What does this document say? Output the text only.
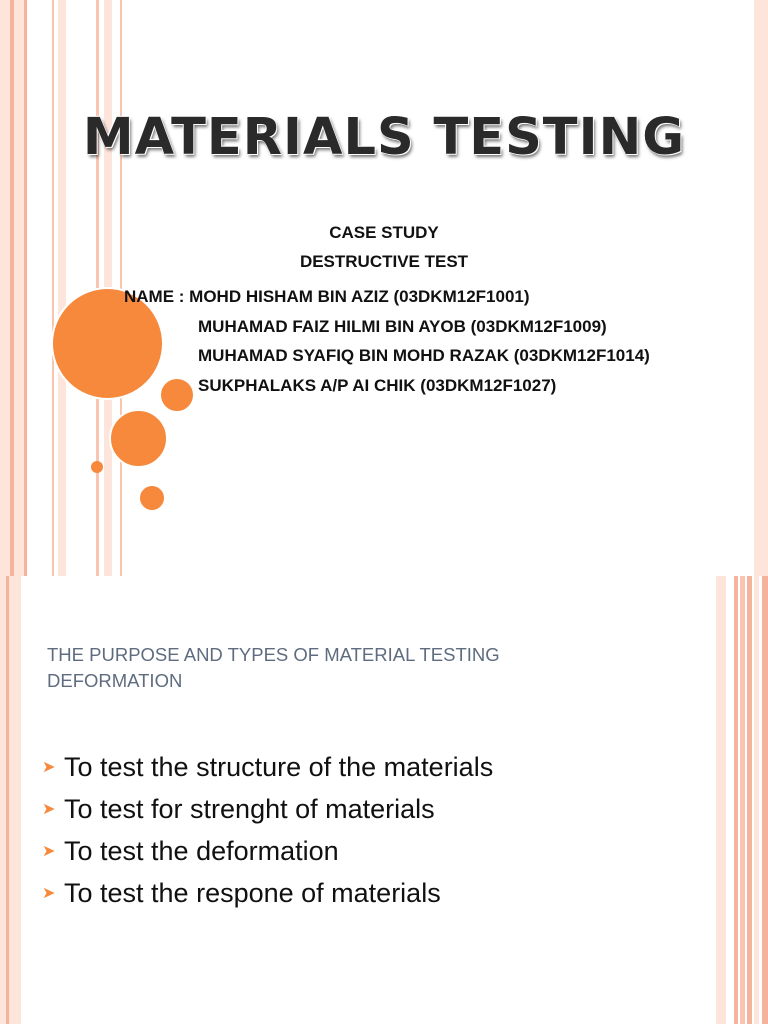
MATERIALS TESTING

CASE STUDY

DESTRUCTIVE TEST

NAME : MOHD HISHAM BIN AZIZ (03DKM12F1001)
MUHAMAD FAIZ HILMI BIN AYOB (03DKM12F1009)
MUHAMAD SYAFIQ BIN MOHD RAZAK (03DKM12F1014)
SUKPHALAKS A/P AI CHIK (03DKM12F1027)

THE PURPOSE AND TYPES OF MATERIAL TESTING
DEFORMATION

➤ To test the structure of the materials
➤ To test for strenght of materials
➤ To test the deformation
➤ To test the respone of materials
